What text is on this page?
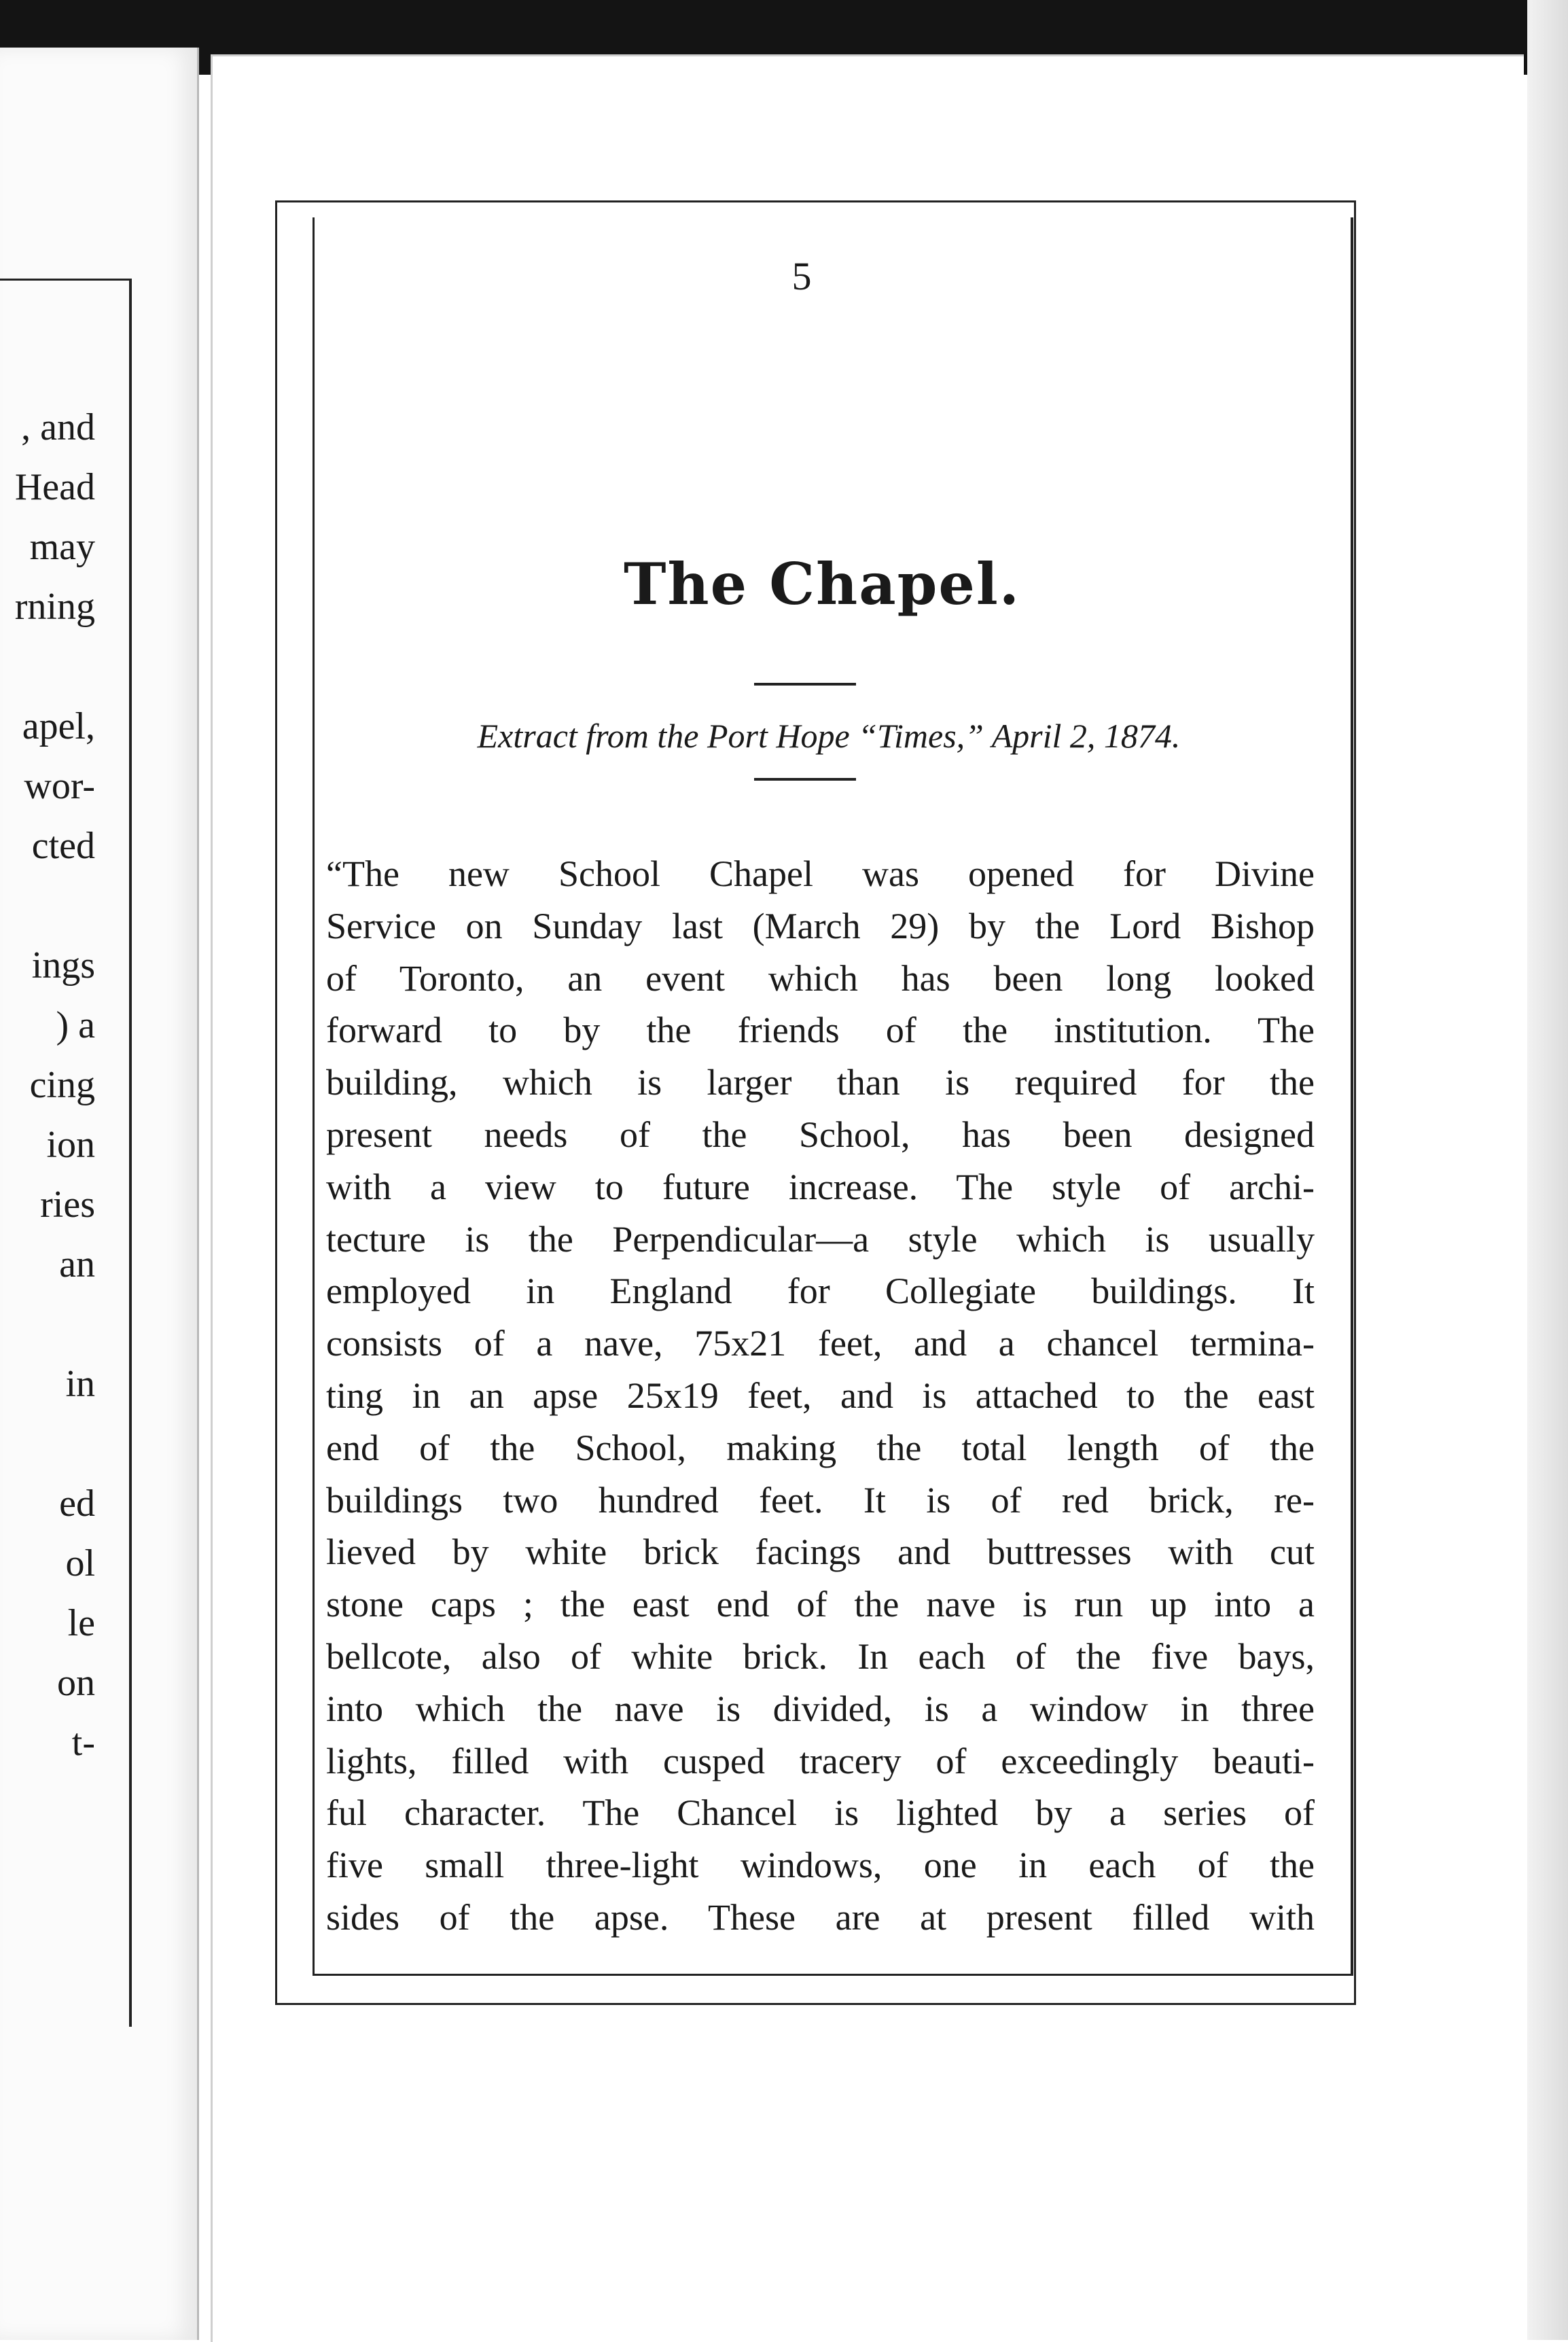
, and
Head
may
rning
apel,
wor-
cted
ings
) a
cing
ion
ries
an
in
ed
ol
le
on
t-
5
The Chapel.
Extract from the Port Hope “Times,” April 2, 1874.
“The new School Chapel was opened for Divine
Service on Sunday last (March 29) by the Lord Bishop
of Toronto, an event which has been long looked
forward to by the friends of the institution. The
building, which is larger than is required for the
present needs of the School, has been designed
with a view to future increase. The style of archi-
tecture is the Perpendicular—a style which is usually
employed in England for Collegiate buildings. It
consists of a nave, 75x21 feet, and a chancel termina-
ting in an apse 25x19 feet, and is attached to the east
end of the School, making the total length of the
buildings two hundred feet. It is of red brick, re-
lieved by white brick facings and buttresses with cut
stone caps ; the east end of the nave is run up into a
bellcote, also of white brick. In each of the five bays,
into which the nave is divided, is a window in three
lights, filled with cusped tracery of exceedingly beauti-
ful character. The Chancel is lighted by a series of
five small three-light windows, one in each of the
sides of the apse. These are at present filled with
